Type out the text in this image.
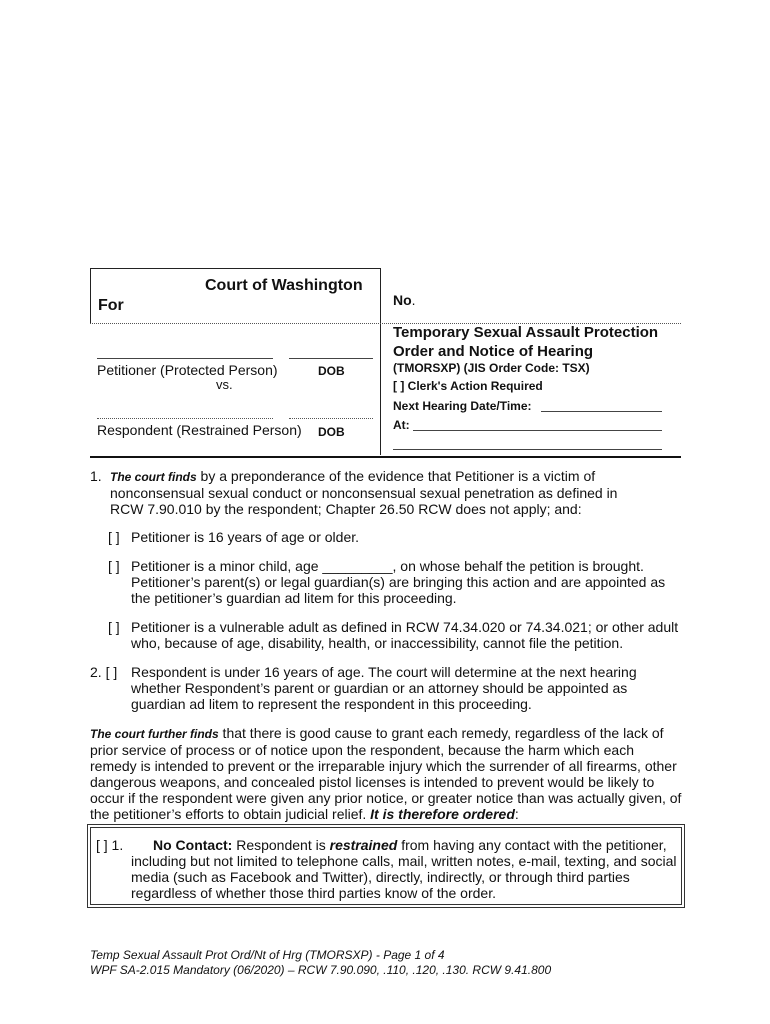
Court of Washington
For
Petitioner (Protected Person)	DOB
vs.
Respondent (Restrained Person) DOB
No.
Temporary Sexual Assault Protection
Order and Notice of Hearing
(TMORSXP) (JIS Order Code: TSX)
[ ] Clerk's Action Required
Next Hearing Date/Time:
At:
1. The court finds by a preponderance of the evidence that Petitioner is a victim of
nonconsensual sexual conduct or nonconsensual sexual penetration as defined in
RCW 7.90.010 by the respondent; Chapter 26.50 RCW does not apply; and:
[ ] Petitioner is 16 years of age or older.
[ ] Petitioner is a minor child, age _________, on whose behalf the petition is brought.
Petitioner’s parent(s) or legal guardian(s) are bringing this action and are appointed as
the petitioner’s guardian ad litem for this proceeding.
[ ] Petitioner is a vulnerable adult as defined in RCW 74.34.020 or 74.34.021; or other adult
who, because of age, disability, health, or inaccessibility, cannot file the petition.
2. [ ] Respondent is under 16 years of age. The court will determine at the next hearing
whether Respondent’s parent or guardian or an attorney should be appointed as
guardian ad litem to represent the respondent in this proceeding.
The court further finds that there is good cause to grant each remedy, regardless of the lack of
prior service of process or of notice upon the respondent, because the harm which each
remedy is intended to prevent or the irreparable injury which the surrender of all firearms, other
dangerous weapons, and concealed pistol licenses is intended to prevent would be likely to
occur if the respondent were given any prior notice, or greater notice than was actually given, of
the petitioner’s efforts to obtain judicial relief. It is therefore ordered:
[ ] 1. No Contact: Respondent is restrained from having any contact with the petitioner,
including but not limited to telephone calls, mail, written notes, e-mail, texting, and social
media (such as Facebook and Twitter), directly, indirectly, or through third parties
regardless of whether those third parties know of the order.
Temp Sexual Assault Prot Ord/Nt of Hrg (TMORSXP) - Page 1 of 4
WPF SA-2.015 Mandatory (06/2020) – RCW 7.90.090, .110, .120, .130. RCW 9.41.800
